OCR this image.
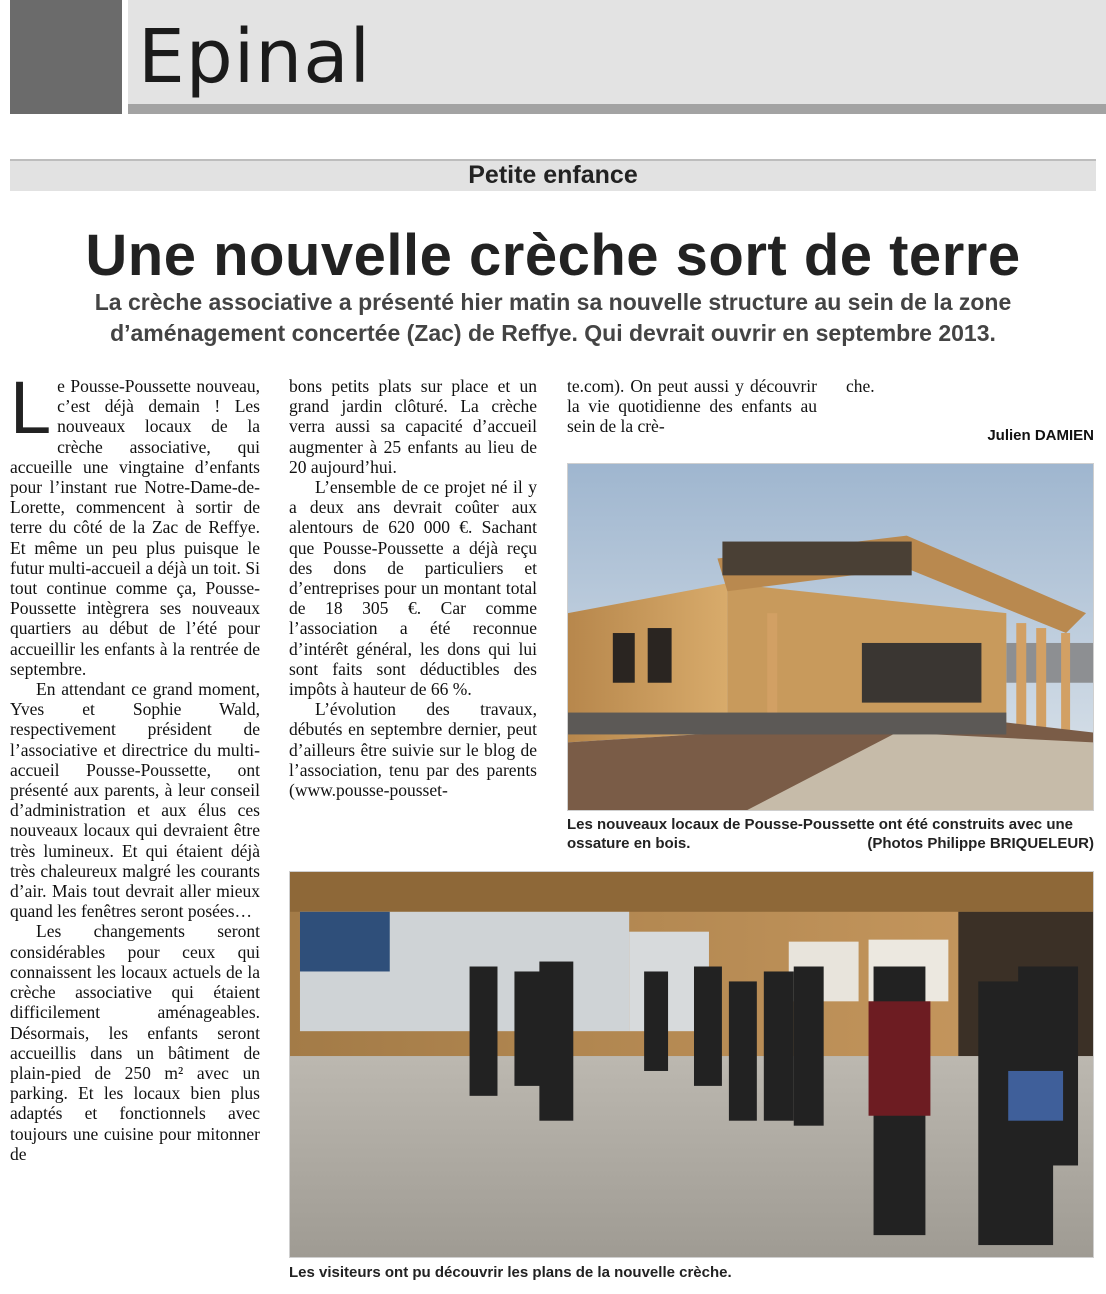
Epinal
Petite enfance
Une nouvelle crèche sort de terre
La crèche associative a présenté hier matin sa nouvelle structure au sein de la zone d’aménagement concertée (Zac) de Reffye. Qui devrait ouvrir en septembre 2013.

Le Pousse-Poussette nouveau, c’est déjà demain ! Les nouveaux locaux de la crèche associative, qui accueille une vingtaine d’enfants pour l’instant rue Notre-Dame-de-Lorette, commencent à sortir de terre du côté de la Zac de Reffye. Et même un peu plus puisque le futur multi-accueil a déjà un toit. Si tout continue comme ça, Pousse-Poussette intègrera ses nouveaux quartiers au début de l’été pour accueillir les enfants à la rentrée de septembre.

En attendant ce grand moment, Yves et Sophie Wald, respectivement président de l’associative et directrice du multi-accueil Pousse-Poussette, ont présenté aux parents, à leur conseil d’administration et aux élus ces nouveaux locaux qui devraient être très lumineux. Et qui étaient déjà très chaleureux malgré les courants d’air. Mais tout devrait aller mieux quand les fenêtres seront posées…

Les changements seront considérables pour ceux qui connaissent les locaux actuels de la crèche associative qui étaient difficilement aménageables. Désormais, les enfants seront accueillis dans un bâtiment de plain-pied de 250 m² avec un parking. Et les locaux bien plus adaptés et fonctionnels avec toujours une cuisine pour mitonner de

bons petits plats sur place et un grand jardin clôturé. La crèche verra aussi sa capacité d’accueil augmenter à 25 enfants au lieu de 20 aujourd’hui.

L’ensemble de ce projet né il y a deux ans devrait coûter aux alentours de 620 000 €. Sachant que Pousse-Poussette a déjà reçu des dons de particuliers et d’entreprises pour un montant total de 18 305 €. Car comme l’association a été reconnue d’intérêt général, les dons qui lui sont faits sont déductibles des impôts à hauteur de 66 %.

L’évolution des travaux, débutés en septembre dernier, peut d’ailleurs être suivie sur le blog de l’association, tenu par des parents (www.pousse-pousset-

te.com). On peut aussi y découvrir la vie quotidienne des enfants au sein de la crè-

che.

Julien DAMIEN
Les nouveaux locaux de Pousse-Poussette ont été construits avec une ossature en bois.	(Photos Philippe BRIQUELEUR)
Les visiteurs ont pu découvrir les plans de la nouvelle crèche.
